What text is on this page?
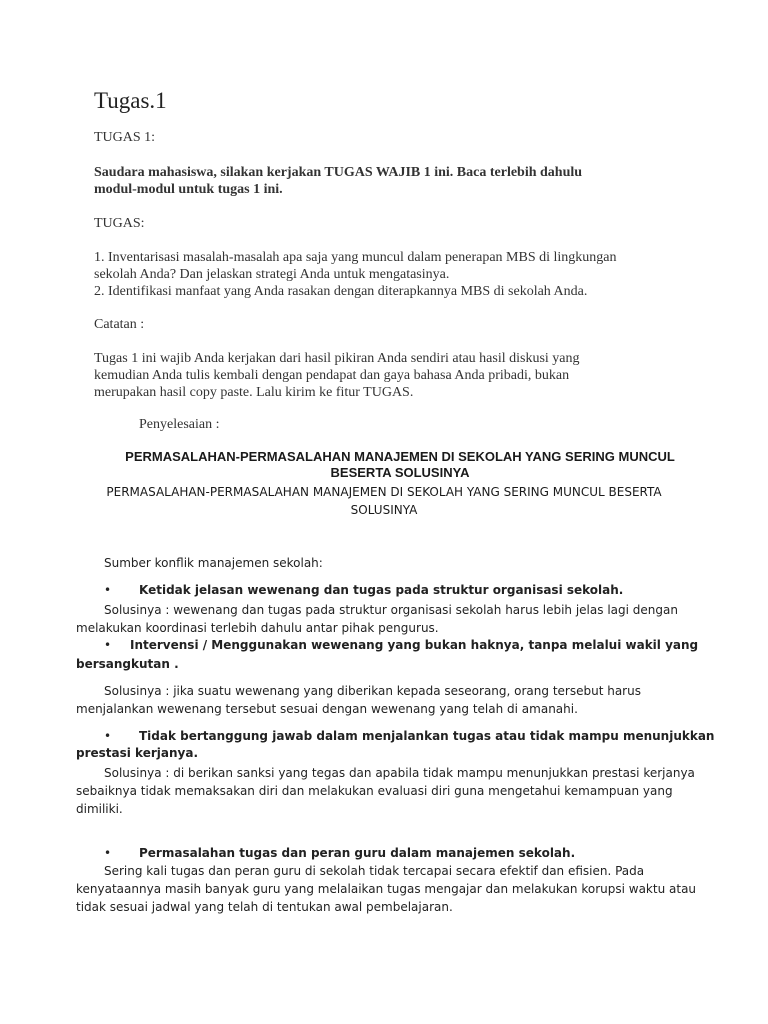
Tugas.1
TUGAS 1:
Saudara mahasiswa, silakan kerjakan TUGAS WAJIB 1 ini. Baca terlebih dahulu
modul-modul untuk tugas 1 ini.
TUGAS:
1. Inventarisasi masalah-masalah apa saja yang muncul dalam penerapan MBS di lingkungan
sekolah Anda? Dan jelaskan strategi Anda untuk mengatasinya.
2. Identifikasi manfaat yang Anda rasakan dengan diterapkannya MBS di sekolah Anda.
Catatan :
Tugas 1 ini wajib Anda kerjakan dari hasil pikiran Anda sendiri atau hasil diskusi yang
kemudian Anda tulis kembali dengan pendapat dan gaya bahasa Anda pribadi, bukan
merupakan hasil copy paste. Lalu kirim ke fitur TUGAS.
Penyelesaian :
PERMASALAHAN-PERMASALAHAN MANAJEMEN DI SEKOLAH YANG SERING MUNCUL BESERTA SOLUSINYA
PERMASALAHAN-PERMASALAHAN MANAJEMEN DI SEKOLAH YANG SERING MUNCUL BESERTA SOLUSINYA
Sumber konflik manajemen sekolah:
• Ketidak jelasan wewenang dan tugas pada struktur organisasi sekolah.
Solusinya : wewenang dan tugas pada struktur organisasi sekolah harus lebih jelas lagi dengan
melakukan koordinasi terlebih dahulu antar pihak pengurus.
• Intervensi / Menggunakan wewenang yang bukan haknya, tanpa melalui wakil yang
bersangkutan .
Solusinya : jika suatu wewenang yang diberikan kepada seseorang, orang tersebut harus
menjalankan wewenang tersebut sesuai dengan wewenang yang telah di amanahi.
• Tidak bertanggung jawab dalam menjalankan tugas atau tidak mampu menunjukkan
prestasi kerjanya.
Solusinya : di berikan sanksi yang tegas dan apabila tidak mampu menunjukkan prestasi kerjanya
sebaiknya tidak memaksakan diri dan melakukan evaluasi diri guna mengetahui kemampuan yang
dimiliki.
• Permasalahan tugas dan peran guru dalam manajemen sekolah.
Sering kali tugas dan peran guru di sekolah tidak tercapai secara efektif dan efisien. Pada
kenyataannya masih banyak guru yang melalaikan tugas mengajar dan melakukan korupsi waktu atau
tidak sesuai jadwal yang telah di tentukan awal pembelajaran.
